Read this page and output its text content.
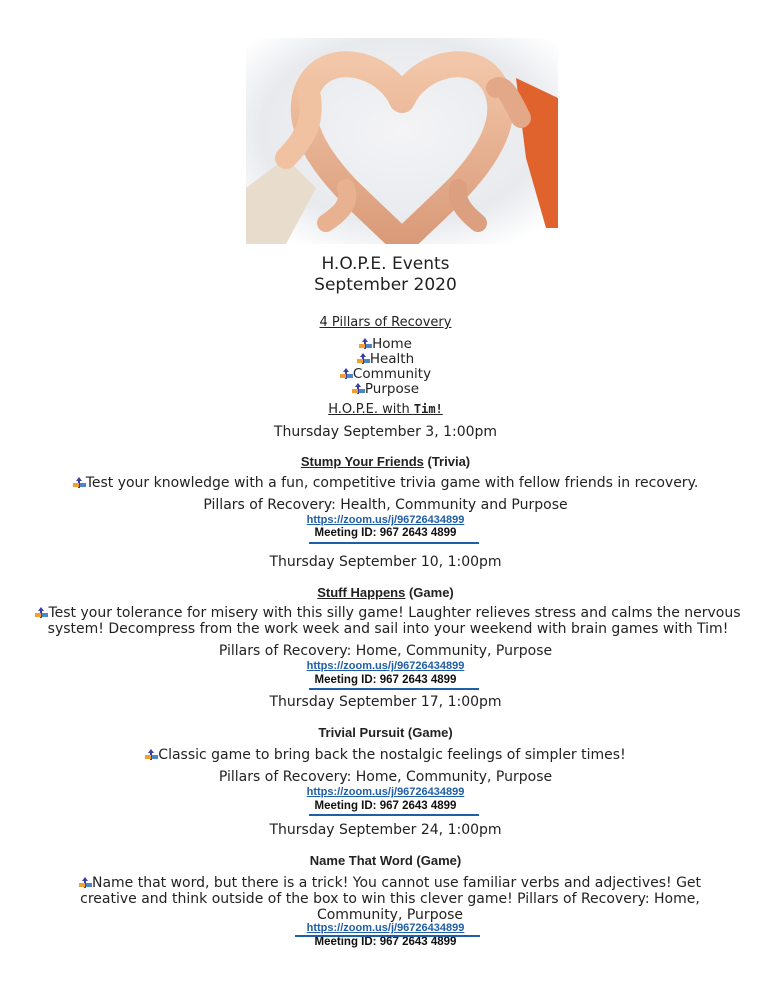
H.O.P.E. Events
September 2020
4 Pillars of Recovery
Home
Health
Community
Purpose
H.O.P.E. with Tim!
Thursday September 3, 1:00pm
Stump Your Friends (Trivia)
Test your knowledge with a fun, competitive trivia game with fellow friends in recovery.
Pillars of Recovery: Health, Community and Purpose
https://zoom.us/j/96726434899
Meeting ID: 967 2643 4899
Thursday September 10, 1:00pm
Stuff Happens (Game)
Test your tolerance for misery with this silly game! Laughter relieves stress and calms the nervous
system! Decompress from the work week and sail into your weekend with brain games with Tim!
Pillars of Recovery: Home, Community, Purpose
https://zoom.us/j/96726434899
Meeting ID: 967 2643 4899
Thursday September 17, 1:00pm
Trivial Pursuit (Game)
Classic game to bring back the nostalgic feelings of simpler times!
Pillars of Recovery: Home, Community, Purpose
https://zoom.us/j/96726434899
Meeting ID: 967 2643 4899
Thursday September 24, 1:00pm
Name That Word (Game)
Name that word, but there is a trick! You cannot use familiar verbs and adjectives! Get
creative and think outside of the box to win this clever game! Pillars of Recovery: Home,
Community, Purpose
https://zoom.us/j/96726434899
Meeting ID: 967 2643 4899
